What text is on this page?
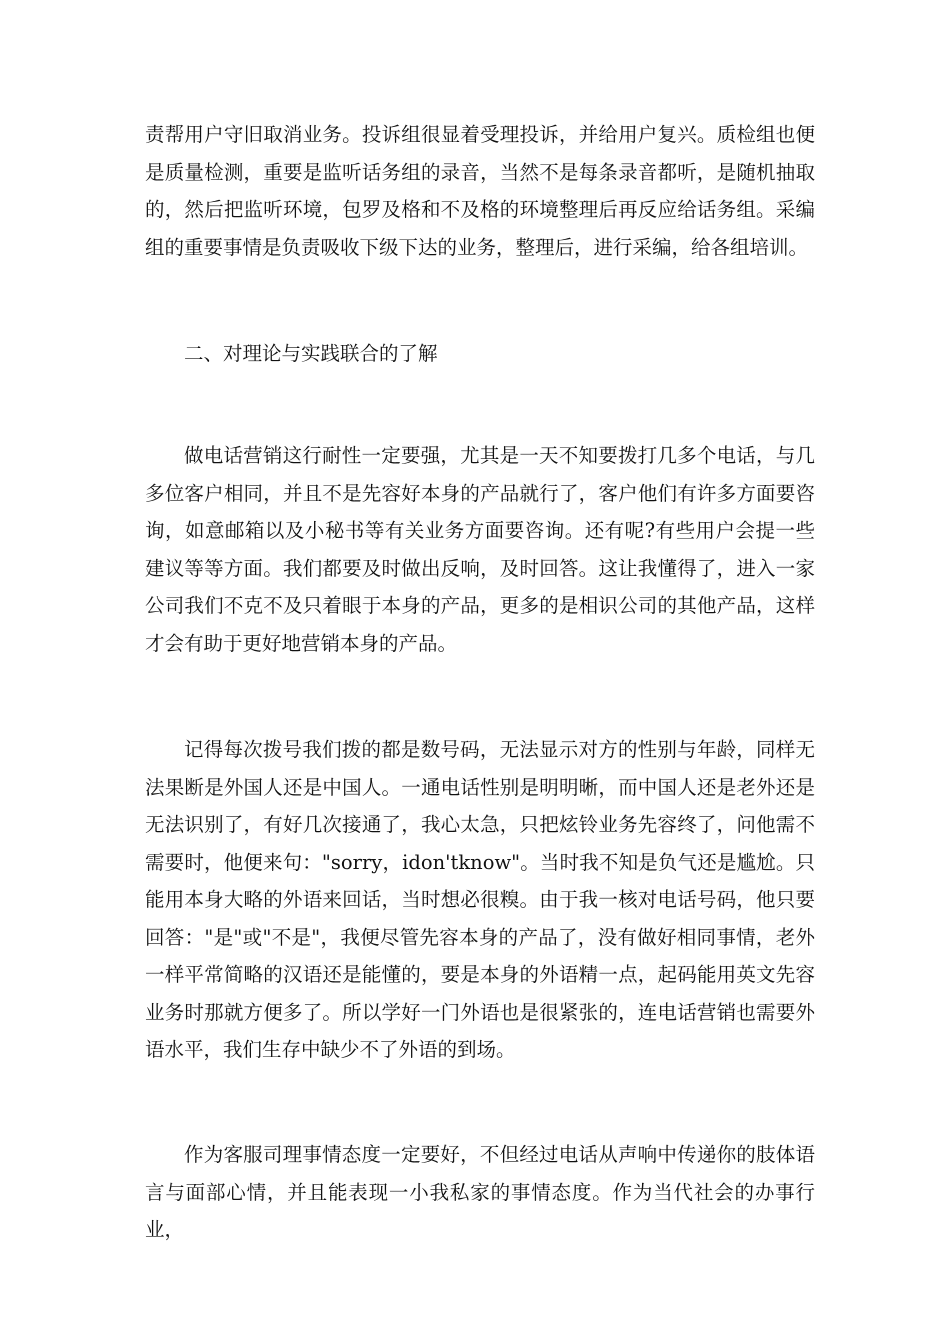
责帮用户守旧取消业务。投诉组很显着受理投诉，并给用户复兴。质检组也便是质量检测，重要是监听话务组的录音，当然不是每条录音都听，是随机抽取的，然后把监听环境，包罗及格和不及格的环境整理后再反应给话务组。采编组的重要事情是负责吸收下级下达的业务，整理后，进行采编，给各组培训。

二、对理论与实践联合的了解

做电话营销这行耐性一定要强，尤其是一天不知要拨打几多个电话，与几多位客户相同，并且不是先容好本身的产品就行了，客户他们有许多方面要咨询，如意邮箱以及小秘书等有关业务方面要咨询。还有呢?有些用户会提一些建议等等方面。我们都要及时做出反响，及时回答。这让我懂得了，进入一家公司我们不克不及只着眼于本身的产品，更多的是相识公司的其他产品，这样才会有助于更好地营销本身的产品。

记得每次拨号我们拨的都是数号码，无法显示对方的性别与年龄，同样无法果断是外国人还是中国人。一通电话性别是明明晰，而中国人还是老外还是无法识别了，有好几次接通了，我心太急，只把炫铃业务先容终了，问他需不需要时，他便来句："sorry，idon'tknow"。当时我不知是负气还是尴尬。只能用本身大略的外语来回话，当时想必很糗。由于我一核对电话号码，他只要回答："是"或"不是"，我便尽管先容本身的产品了，没有做好相同事情，老外一样平常简略的汉语还是能懂的，要是本身的外语精一点，起码能用英文先容业务时那就方便多了。所以学好一门外语也是很紧张的，连电话营销也需要外语水平，我们生存中缺少不了外语的到场。

作为客服司理事情态度一定要好，不但经过电话从声响中传递你的肢体语言与面部心情，并且能表现一小我私家的事情态度。作为当代社会的办事行业，
